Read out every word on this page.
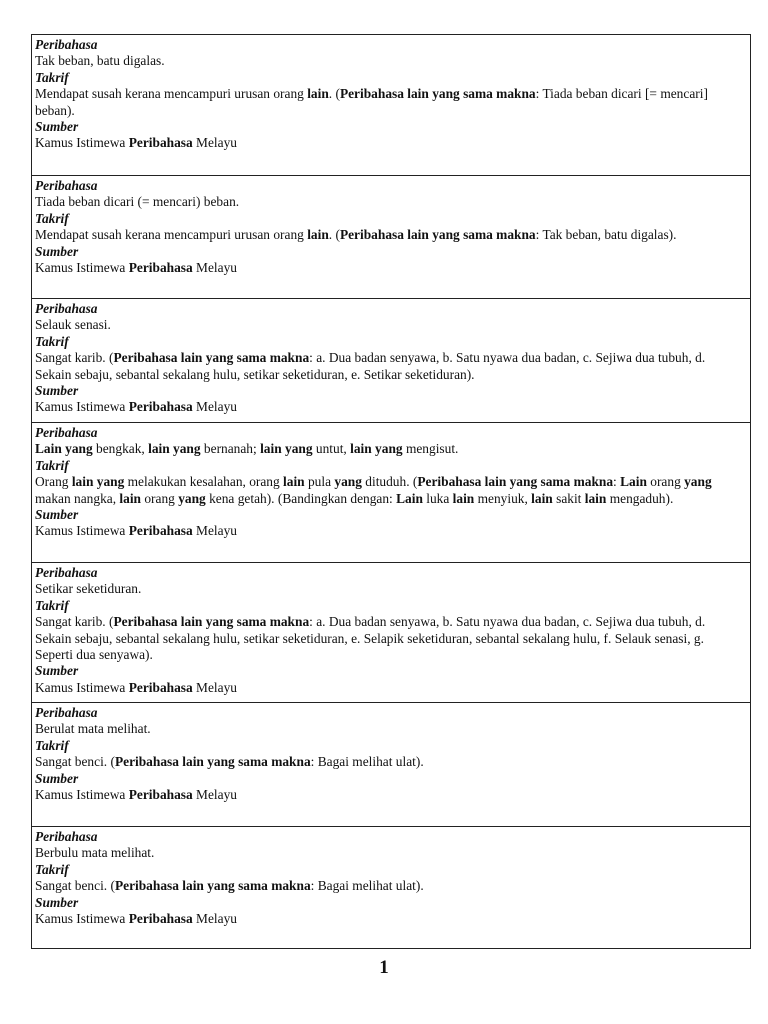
Peribahasa
Tak beban, batu digalas.
Takrif
Mendapat susah kerana mencampuri urusan orang lain. (Peribahasa lain yang sama makna: Tiada beban dicari [= mencari] beban).
Sumber
Kamus Istimewa Peribahasa Melayu
Peribahasa
Tiada beban dicari (= mencari) beban.
Takrif
Mendapat susah kerana mencampuri urusan orang lain. (Peribahasa lain yang sama makna: Tak beban, batu digalas).
Sumber
Kamus Istimewa Peribahasa Melayu
Peribahasa
Selauk senasi.
Takrif
Sangat karib. (Peribahasa lain yang sama makna: a. Dua badan senyawa, b. Satu nyawa dua badan, c. Sejiwa dua tubuh, d. Sekain sebaju, sebantal sekalang hulu, setikar seketiduran, e. Setikar seketiduran).
Sumber
Kamus Istimewa Peribahasa Melayu
Peribahasa
Lain yang bengkak, lain yang bernanah; lain yang untut, lain yang mengisut.
Takrif
Orang lain yang melakukan kesalahan, orang lain pula yang dituduh. (Peribahasa lain yang sama makna: Lain orang yang makan nangka, lain orang yang kena getah). (Bandingkan dengan: Lain luka lain menyiuk, lain sakit lain mengaduh).
Sumber
Kamus Istimewa Peribahasa Melayu
Peribahasa
Setikar seketiduran.
Takrif
Sangat karib. (Peribahasa lain yang sama makna: a. Dua badan senyawa, b. Satu nyawa dua badan, c. Sejiwa dua tubuh, d. Sekain sebaju, sebantal sekalang hulu, setikar seketiduran, e. Selapik seketiduran, sebantal sekalang hulu, f. Selauk senasi, g. Seperti dua senyawa).
Sumber
Kamus Istimewa Peribahasa Melayu
Peribahasa
Berulat mata melihat.
Takrif
Sangat benci. (Peribahasa lain yang sama makna: Bagai melihat ulat).
Sumber
Kamus Istimewa Peribahasa Melayu
Peribahasa
Berbulu mata melihat.
Takrif
Sangat benci. (Peribahasa lain yang sama makna: Bagai melihat ulat).
Sumber
Kamus Istimewa Peribahasa Melayu
1
